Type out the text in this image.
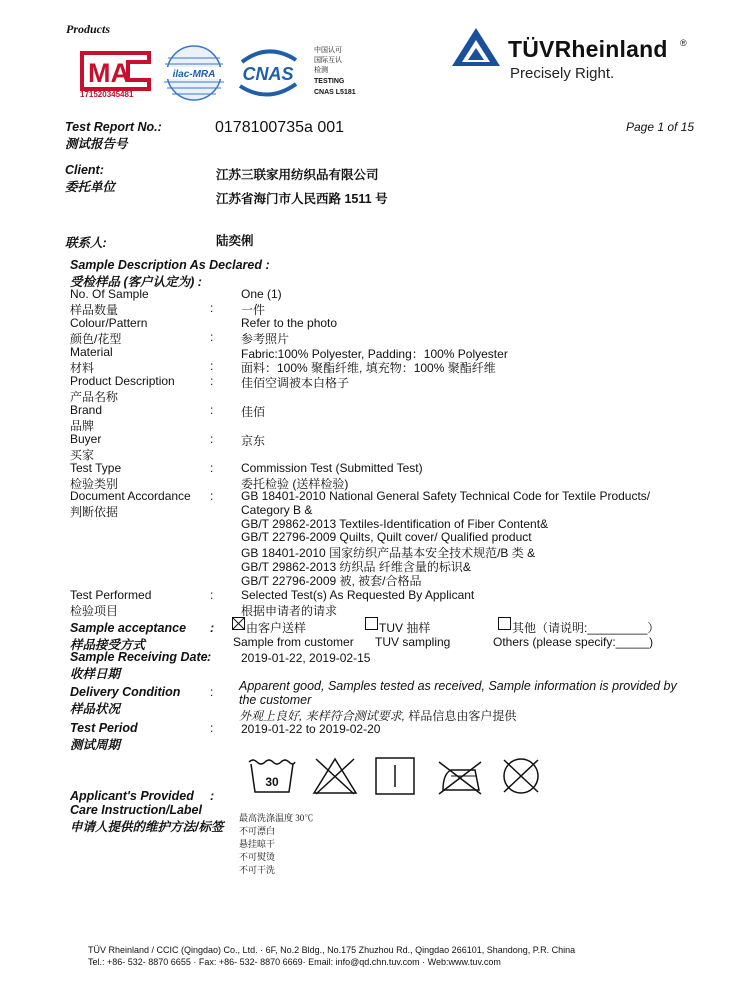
Products
MA
171520345481
ilac-MRA CNAS
中国认可
国际互认
检测
TESTING
CNAS L5181
TÜVRheinland ®
Precisely Right.
Test Report No.:
测试报告号
0178100735a 001	Page 1 of 15
Client:
委托单位
江苏三联家用纺织品有限公司
江苏省海门市人民西路 1511 号
联系人:	陆奕俐
Sample Description As Declared :
受检样品 (客户认定为) :
No. Of Sample
样品数量	:
One (1)
一件
Colour/Pattern
颜色/花型	:
Refer to the photo
参考照片
Material
材料	:
Fabric:100% Polyester, Padding：100% Polyester
面料：100% 聚酯纤维, 填充物：100% 聚酯纤维
Product Description
产品名称
: 佳佰空调被本白格子
Brand
品牌
: 佳佰
Buyer
买家
: 京东
Test Type
检验类别
: Commission Test (Submitted Test)
委托检验 (送样检验)
Document Accordance
判断依据
: GB 18401-2010 National General Safety Technical Code for Textile Products/
Category B &
GB/T 29862-2013 Textiles-Identification of Fiber Content&
GB/T 22796-2009 Quilts, Quilt cover/ Qualified product
GB 18401-2010 国家纺织产品基本安全技术规范/B 类 &
GB/T 29862-2013 纺织品 纤维含量的标识&
GB/T 22796-2009 被, 被套/合格品
Test Performed
检验项目
: Selected Test(s) As Requested By Applicant
根据申请者的请求
Sample acceptance
样品接受方式
:	由客户送样
Sample from customer
TUV 抽样
TUV sampling
其他（请说明:_________）
Others (please specify:_____)
Sample Receiving Date :
收样日期
2019-01-22, 2019-02-15
Delivery Condition
样品状况
: Apparent good, Samples tested as received, Sample information is provided by
the customer
外观上良好, 来样符合测试要求, 样品信息由客户提供
Test Period
测试周期
: 2019-01-22 to 2019-02-20
Applicant's Provided :
Care Instruction/Label
申请人提供的维护方法/标签
30
最高洗涤温度 30℃
不可漂白
悬挂晾干
不可熨烫
不可干洗
TÜV Rheinland / CCIC (Qingdao) Co., Ltd. · 6F, No.2 Bldg., No.175 Zhuzhou Rd., Qingdao 266101, Shandong, P.R. China
Tel.: +86- 532- 8870 6655 · Fax: +86- 532- 8870 6669· Email: info@qd.chn.tuv.com · Web:www.tuv.com
